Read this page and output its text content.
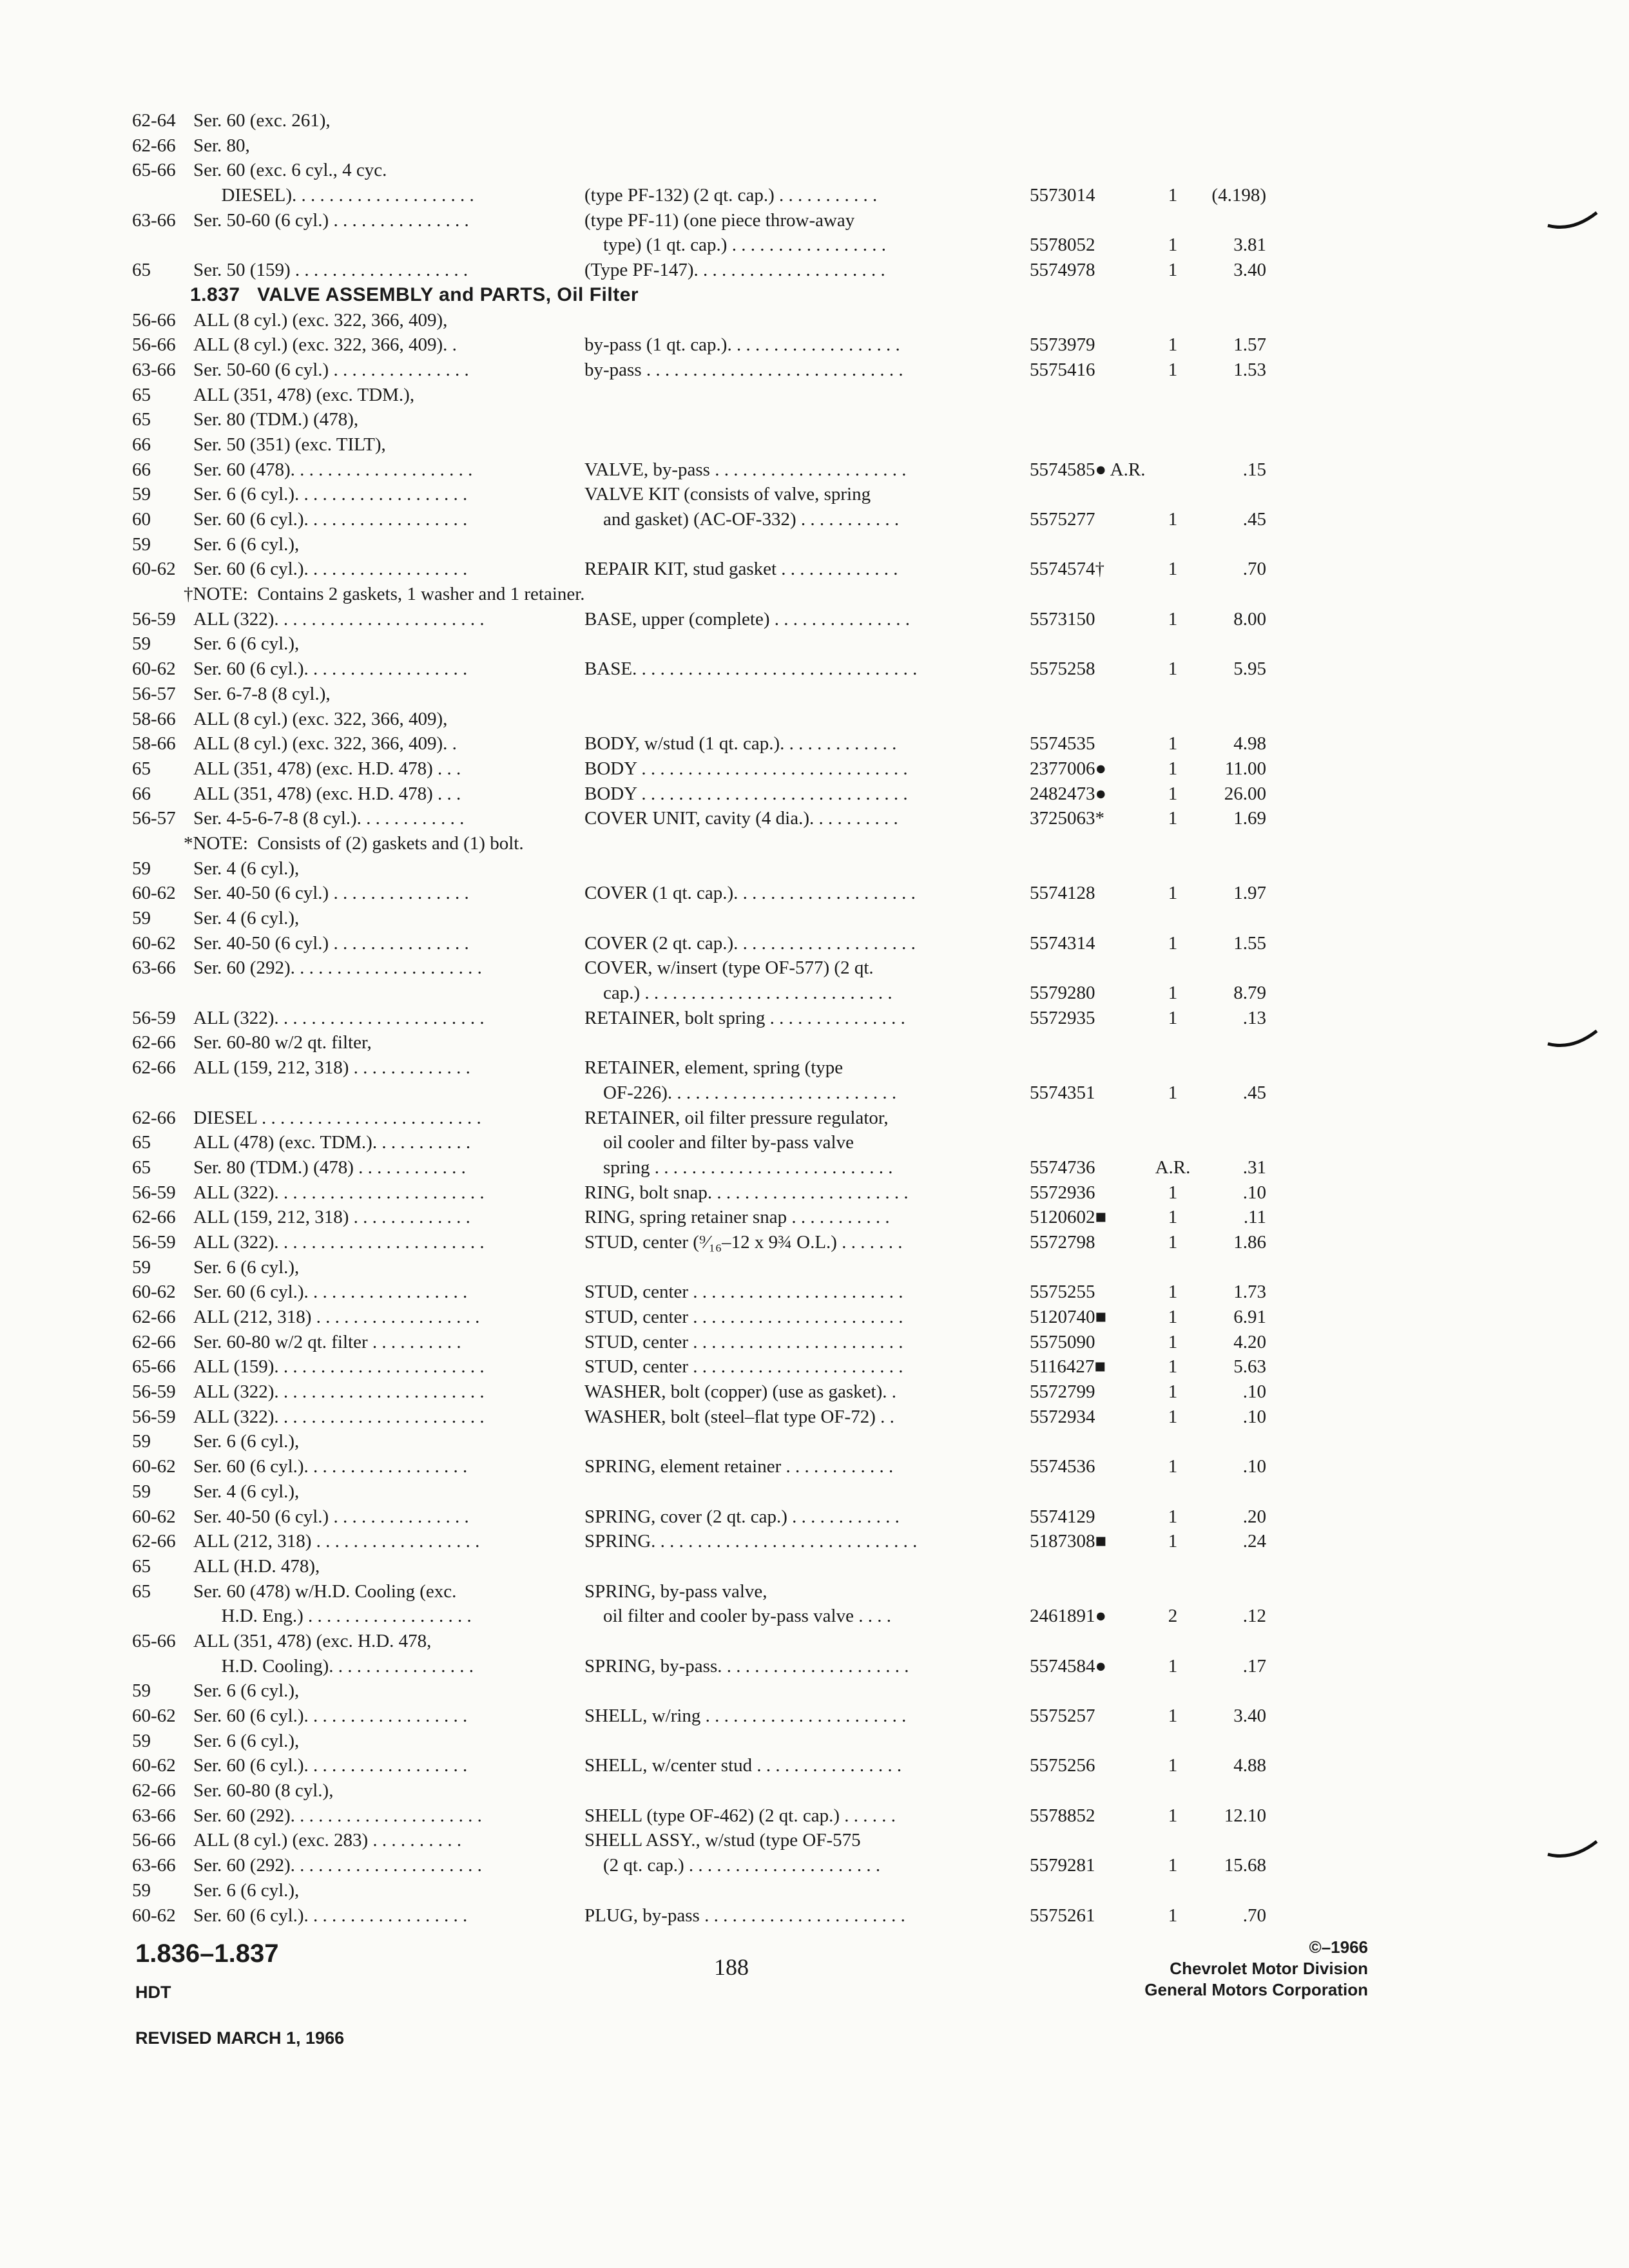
62-64 Ser. 60 (exc. 261),
62-66 Ser. 80,
65-66 Ser. 60 (exc. 6 cyl., 4 cyc.
DIESEL). . . . . . . . . . . . . . . . . . . .	(type PF-132) (2 qt. cap.) . . . . . . . . . . .	5573014	1	(4.198)
63-66 Ser. 50-60 (6 cyl.) . . . . . . . . . . . . . . .	(type PF-11) (one piece throw-away
type) (1 qt. cap.) . . . . . . . . . . . . . . . . .	5578052	1	3.81
65 Ser. 50 (159) . . . . . . . . . . . . . . . . . . .	(Type PF-147). . . . . . . . . . . . . . . . . . . . .	5574978	1	3.40
1.837   VALVE ASSEMBLY and PARTS, Oil Filter
56-66 ALL (8 cyl.) (exc. 322, 366, 409),
56-66 ALL (8 cyl.) (exc. 322, 366, 409). .	by-pass (1 qt. cap.). . . . . . . . . . . . . . . . . . .	5573979	1	1.57
63-66 Ser. 50-60 (6 cyl.) . . . . . . . . . . . . . . .	by-pass . . . . . . . . . . . . . . . . . . . . . . . . . . . .	5575416	1	1.53
65 ALL (351, 478) (exc. TDM.),
65 Ser. 80 (TDM.) (478),
66 Ser. 50 (351) (exc. TILT),
66 Ser. 60 (478). . . . . . . . . . . . . . . . . . . .	VALVE, by-pass . . . . . . . . . . . . . . . . . . . . .	5574585● A.R.	.15
59 Ser. 6 (6 cyl.). . . . . . . . . . . . . . . . . . .	VALVE KIT (consists of valve, spring
60 Ser. 60 (6 cyl.). . . . . . . . . . . . . . . . . .	and gasket) (AC-OF-332) . . . . . . . . . . .	5575277	1	.45
59 Ser. 6 (6 cyl.),
60-62 Ser. 60 (6 cyl.). . . . . . . . . . . . . . . . . .	REPAIR KIT, stud gasket . . . . . . . . . . . . .	5574574†	1	.70
†NOTE:  Contains 2 gaskets, 1 washer and 1 retainer.
56-59 ALL (322). . . . . . . . . . . . . . . . . . . . . . .	BASE, upper (complete) . . . . . . . . . . . . . . .	5573150	1	8.00
59 Ser. 6 (6 cyl.),
60-62 Ser. 60 (6 cyl.). . . . . . . . . . . . . . . . . .	BASE. . . . . . . . . . . . . . . . . . . . . . . . . . . . . . .	5575258	1	5.95
56-57 Ser. 6-7-8 (8 cyl.),
58-66 ALL (8 cyl.) (exc. 322, 366, 409),
58-66 ALL (8 cyl.) (exc. 322, 366, 409). .	BODY, w/stud (1 qt. cap.). . . . . . . . . . . . .	5574535	1	4.98
65 ALL (351, 478) (exc. H.D. 478) . . .	BODY . . . . . . . . . . . . . . . . . . . . . . . . . . . . .	2377006●	1	11.00
66 ALL (351, 478) (exc. H.D. 478) . . .	BODY . . . . . . . . . . . . . . . . . . . . . . . . . . . . .	2482473●	1	26.00
56-57 Ser. 4-5-6-7-8 (8 cyl.). . . . . . . . . . . .	COVER UNIT, cavity (4 dia.). . . . . . . . . .	3725063*	1	1.69
*NOTE:  Consists of (2) gaskets and (1) bolt.
59 Ser. 4 (6 cyl.),
60-62 Ser. 40-50 (6 cyl.) . . . . . . . . . . . . . . .	COVER (1 qt. cap.). . . . . . . . . . . . . . . . . . . .	5574128	1	1.97
59 Ser. 4 (6 cyl.),
60-62 Ser. 40-50 (6 cyl.) . . . . . . . . . . . . . . .	COVER (2 qt. cap.). . . . . . . . . . . . . . . . . . . .	5574314	1	1.55
63-66 Ser. 60 (292). . . . . . . . . . . . . . . . . . . . .	COVER, w/insert (type OF-577) (2 qt.
cap.) . . . . . . . . . . . . . . . . . . . . . . . . . . .	5579280	1	8.79
56-59 ALL (322). . . . . . . . . . . . . . . . . . . . . . .	RETAINER, bolt spring . . . . . . . . . . . . . . .	5572935	1	.13
62-66 Ser. 60-80 w/2 qt. filter,
62-66 ALL (159, 212, 318) . . . . . . . . . . . . .	RETAINER, element, spring (type
OF-226). . . . . . . . . . . . . . . . . . . . . . . . .	5574351	1	.45
62-66 DIESEL . . . . . . . . . . . . . . . . . . . . . . . .	RETAINER, oil filter pressure regulator,
65 ALL (478) (exc. TDM.). . . . . . . . . . .	oil cooler and filter by-pass valve
65 Ser. 80 (TDM.) (478) . . . . . . . . . . . .	spring . . . . . . . . . . . . . . . . . . . . . . . . . .	5574736	A.R.	.31
56-59 ALL (322). . . . . . . . . . . . . . . . . . . . . . .	RING, bolt snap. . . . . . . . . . . . . . . . . . . . . .	5572936	1	.10
62-66 ALL (159, 212, 318) . . . . . . . . . . . . .	RING, spring retainer snap . . . . . . . . . . .	5120602■	1	.11
56-59 ALL (322). . . . . . . . . . . . . . . . . . . . . . .	STUD, center (⁹⁄₁₆–12 x 9¾ O.L.) . . . . . . .	5572798	1	1.86
59 Ser. 6 (6 cyl.),
60-62 Ser. 60 (6 cyl.). . . . . . . . . . . . . . . . . .	STUD, center . . . . . . . . . . . . . . . . . . . . . . .	5575255	1	1.73
62-66 ALL (212, 318) . . . . . . . . . . . . . . . . . .	STUD, center . . . . . . . . . . . . . . . . . . . . . . .	5120740■	1	6.91
62-66 Ser. 60-80 w/2 qt. filter . . . . . . . . . .	STUD, center . . . . . . . . . . . . . . . . . . . . . . .	5575090	1	4.20
65-66 ALL (159). . . . . . . . . . . . . . . . . . . . . . .	STUD, center . . . . . . . . . . . . . . . . . . . . . . .	5116427■	1	5.63
56-59 ALL (322). . . . . . . . . . . . . . . . . . . . . . .	WASHER, bolt (copper) (use as gasket). .	5572799	1	.10
56-59 ALL (322). . . . . . . . . . . . . . . . . . . . . . .	WASHER, bolt (steel–flat type OF-72) . .	5572934	1	.10
59 Ser. 6 (6 cyl.),
60-62 Ser. 60 (6 cyl.). . . . . . . . . . . . . . . . . .	SPRING, element retainer . . . . . . . . . . . .	5574536	1	.10
59 Ser. 4 (6 cyl.),
60-62 Ser. 40-50 (6 cyl.) . . . . . . . . . . . . . . .	SPRING, cover (2 qt. cap.) . . . . . . . . . . . .	5574129	1	.20
62-66 ALL (212, 318) . . . . . . . . . . . . . . . . . .	SPRING. . . . . . . . . . . . . . . . . . . . . . . . . . . . .	5187308■	1	.24
65 ALL (H.D. 478),
65 Ser. 60 (478) w/H.D. Cooling (exc.	SPRING, by-pass valve,
H.D. Eng.) . . . . . . . . . . . . . . . . . .	oil filter and cooler by-pass valve . . . .	2461891●	2	.12
65-66 ALL (351, 478) (exc. H.D. 478,
H.D. Cooling). . . . . . . . . . . . . . . .	SPRING, by-pass. . . . . . . . . . . . . . . . . . . . .	5574584●	1	.17
59 Ser. 6 (6 cyl.),
60-62 Ser. 60 (6 cyl.). . . . . . . . . . . . . . . . . .	SHELL, w/ring . . . . . . . . . . . . . . . . . . . . . .	5575257	1	3.40
59 Ser. 6 (6 cyl.),
60-62 Ser. 60 (6 cyl.). . . . . . . . . . . . . . . . . .	SHELL, w/center stud . . . . . . . . . . . . . . . .	5575256	1	4.88
62-66 Ser. 60-80 (8 cyl.),
63-66 Ser. 60 (292). . . . . . . . . . . . . . . . . . . . .	SHELL (type OF-462) (2 qt. cap.) . . . . . .	5578852	1	12.10
56-66 ALL (8 cyl.) (exc. 283) . . . . . . . . . .	SHELL ASSY., w/stud (type OF-575
63-66 Ser. 60 (292). . . . . . . . . . . . . . . . . . . . .	(2 qt. cap.) . . . . . . . . . . . . . . . . . . . . .	5579281	1	15.68
59 Ser. 6 (6 cyl.),
60-62 Ser. 60 (6 cyl.). . . . . . . . . . . . . . . . . .	PLUG, by-pass . . . . . . . . . . . . . . . . . . . . . .	5575261	1	.70
1.836–1.837
HDT
REVISED MARCH 1, 1966
188
©–1966
Chevrolet Motor Division
General Motors Corporation
